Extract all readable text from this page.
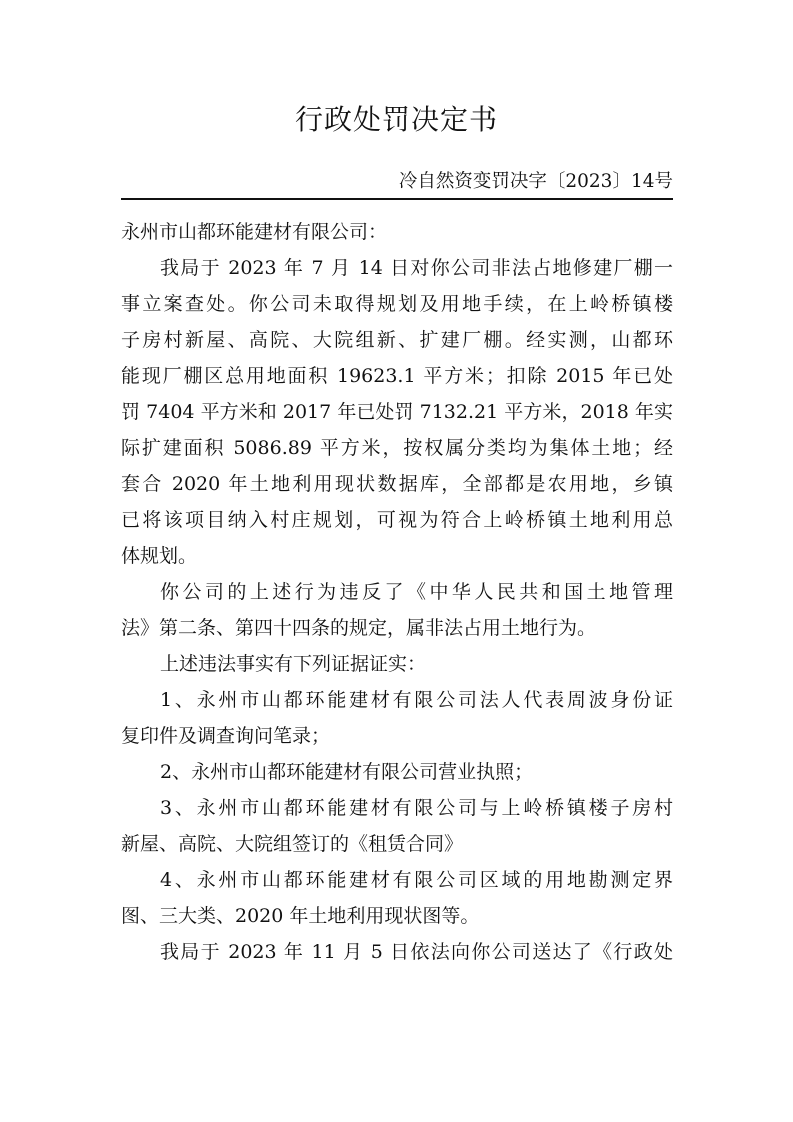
行政处罚决定书
冷自然资变罚决字〔2023〕14号
永州市山都环能建材有限公司：
我局于 2023 年 7 月 14 日对你公司非法占地修建厂棚一
事立案查处。你公司未取得规划及用地手续，在上岭桥镇楼
子房村新屋、高院、大院组新、扩建厂棚。经实测，山都环
能现厂棚区总用地面积 19623.1 平方米；扣除 2015 年已处
罚 7404 平方米和 2017 年已处罚 7132.21 平方米，2018 年实
际扩建面积 5086.89 平方米，按权属分类均为集体土地；经
套合 2020 年土地利用现状数据库，全部都是农用地，乡镇
已将该项目纳入村庄规划，可视为符合上岭桥镇土地利用总
体规划。
你公司的上述行为违反了《中华人民共和国土地管理
法》第二条、第四十四条的规定，属非法占用土地行为。
上述违法事实有下列证据证实：
1、永州市山都环能建材有限公司法人代表周波身份证
复印件及调查询问笔录；
2、永州市山都环能建材有限公司营业执照；
3、永州市山都环能建材有限公司与上岭桥镇楼子房村
新屋、高院、大院组签订的《租赁合同》
4、永州市山都环能建材有限公司区域的用地勘测定界
图、三大类、2020 年土地利用现状图等。
我局于 2023 年 11 月 5 日依法向你公司送达了《行政处
